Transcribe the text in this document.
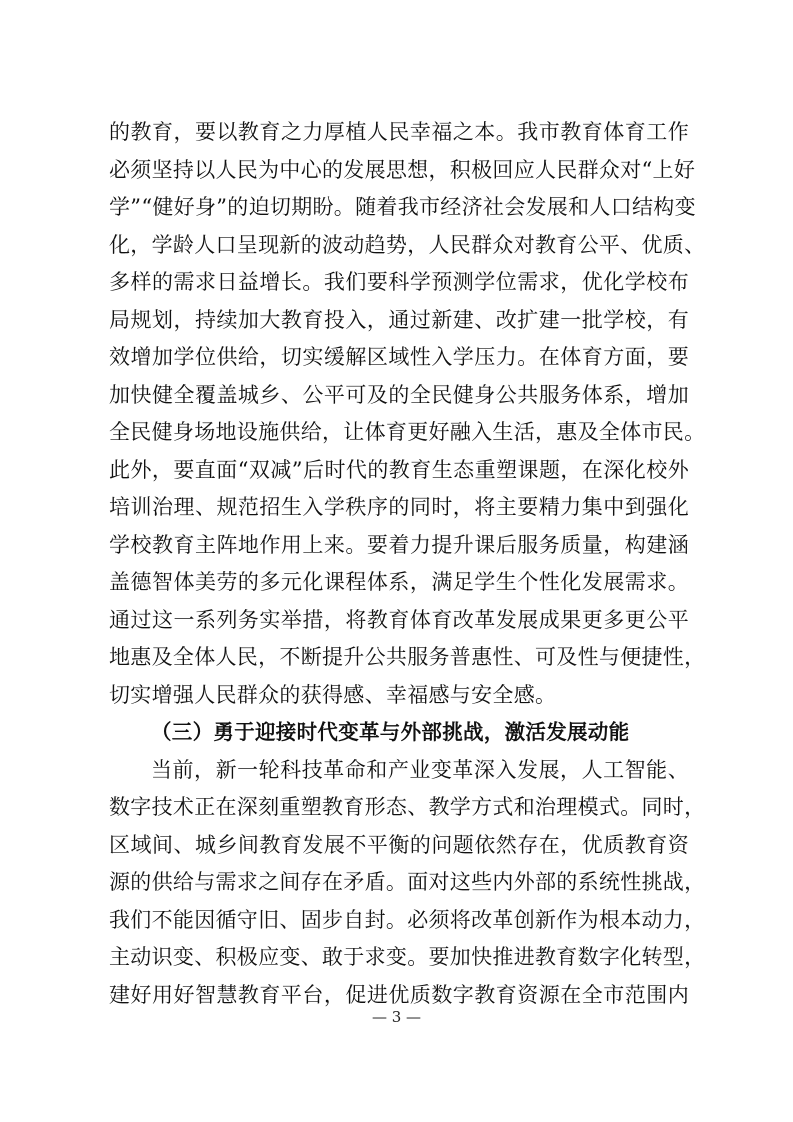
的教育，要以教育之力厚植人民幸福之本。我市教育体育工作
必须坚持以人民为中心的发展思想，积极回应人民群众对“上好
学”“健好身”的迫切期盼。随着我市经济社会发展和人口结构变
化，学龄人口呈现新的波动趋势，人民群众对教育公平、优质、
多样的需求日益增长。我们要科学预测学位需求，优化学校布
局规划，持续加大教育投入，通过新建、改扩建一批学校，有
效增加学位供给，切实缓解区域性入学压力。在体育方面，要
加快健全覆盖城乡、公平可及的全民健身公共服务体系，增加
全民健身场地设施供给，让体育更好融入生活，惠及全体市民。
此外，要直面“双减”后时代的教育生态重塑课题，在深化校外
培训治理、规范招生入学秩序的同时，将主要精力集中到强化
学校教育主阵地作用上来。要着力提升课后服务质量，构建涵
盖德智体美劳的多元化课程体系，满足学生个性化发展需求。
通过这一系列务实举措，将教育体育改革发展成果更多更公平
地惠及全体人民，不断提升公共服务普惠性、可及性与便捷性，
切实增强人民群众的获得感、幸福感与安全感。
（三）勇于迎接时代变革与外部挑战，激活发展动能
当前，新一轮科技革命和产业变革深入发展，人工智能、
数字技术正在深刻重塑教育形态、教学方式和治理模式。同时，
区域间、城乡间教育发展不平衡的问题依然存在，优质教育资
源的供给与需求之间存在矛盾。面对这些内外部的系统性挑战，
我们不能因循守旧、固步自封。必须将改革创新作为根本动力，
主动识变、积极应变、敢于求变。要加快推进教育数字化转型，
建好用好智慧教育平台，促进优质数字教育资源在全市范围内
— 3 —
